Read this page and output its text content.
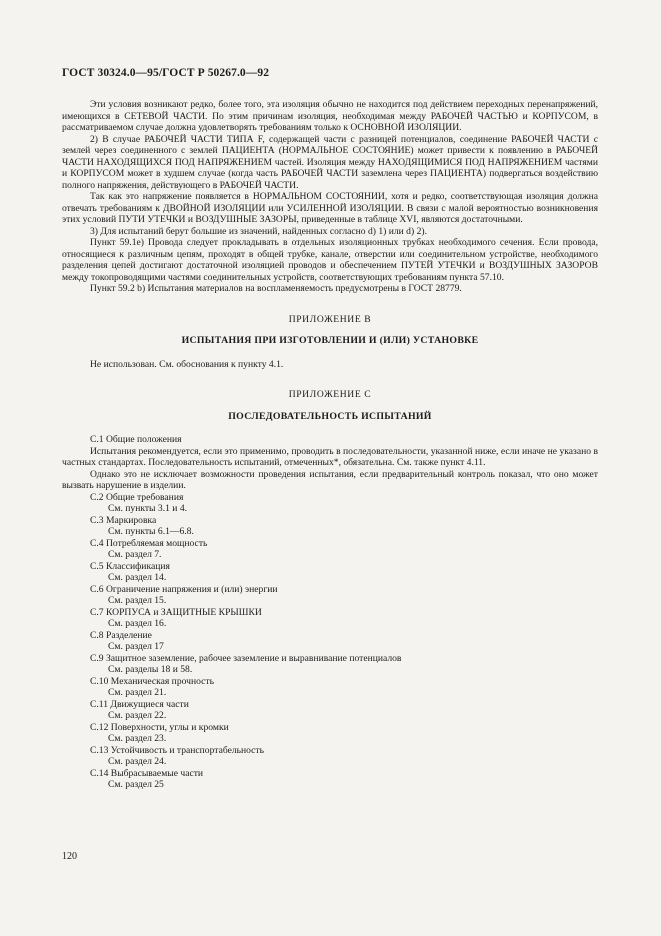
ГОСТ 30324.0—95/ГОСТ Р 50267.0—92

Эти условия возникают редко, более того, эта изоляция обычно не находится под действием переходных перенапряжений, имеющихся в СЕТЕВОЙ ЧАСТИ. По этим причинам изоляция, необходимая между РАБОЧЕЙ ЧАСТЬЮ и КОРПУСОМ, в рассматриваемом случае должна удовлетворять требованиям только к ОСНОВНОЙ ИЗОЛЯЦИИ.

2) В случае РАБОЧЕЙ ЧАСТИ ТИПА F, содержащей части с разницей потенциалов, соединение РАБОЧЕЙ ЧАСТИ с землей через соединенного с землей ПАЦИЕНТА (НОРМАЛЬНОЕ СОСТОЯНИЕ) может привести к появлению в РАБОЧЕЙ ЧАСТИ НАХОДЯЩИХСЯ ПОД НАПРЯЖЕНИЕМ частей. Изоляция между НАХОДЯЩИМИСЯ ПОД НАПРЯЖЕНИЕМ частями и КОРПУСОМ может в худшем случае (когда часть РАБОЧЕЙ ЧАСТИ заземлена через ПАЦИЕНТА) подвергаться воздействию полного напряжения, действующего в РАБОЧЕЙ ЧАСТИ.

Так как это напряжение появляется в НОРМАЛЬНОМ СОСТОЯНИИ, хотя и редко, соответствующая изоляция должна отвечать требованиям к ДВОЙНОЙ ИЗОЛЯЦИИ или УСИЛЕННОЙ ИЗОЛЯЦИИ. В связи с малой вероятностью возникновения этих условий ПУТИ УТЕЧКИ и ВОЗДУШНЫЕ ЗАЗОРЫ, приведенные в таблице XVI, являются достаточными.

3) Для испытаний берут большие из значений, найденных согласно d) 1) или d) 2).

Пункт 59.1е) Провода следует прокладывать в отдельных изоляционных трубках необходимого сечения. Если провода, относящиеся к различным цепям, проходят в общей трубке, канале, отверстии или соединительном устройстве, необходимого разделения цепей достигают достаточной изоляцией проводов и обеспечением ПУТЕЙ УТЕЧКИ и ВОЗДУШНЫХ ЗАЗОРОВ между токопроводящими частями соединительных устройств, соответствующих требованиям пункта 57.10.

Пункт 59.2 b) Испытания материалов на воспламеняемость предусмотрены в ГОСТ 28779.

ПРИЛОЖЕНИЕ В

ИСПЫТАНИЯ ПРИ ИЗГОТОВЛЕНИИ И (ИЛИ) УСТАНОВКЕ

Не использован. См. обоснования к пункту 4.1.

ПРИЛОЖЕНИЕ С

ПОСЛЕДОВАТЕЛЬНОСТЬ ИСПЫТАНИЙ

С.1 Общие положения

Испытания рекомендуется, если это применимо, проводить в последовательности, указанной ниже, если иначе не указано в частных стандартах. Последовательность испытаний, отмеченных*, обязательна. См. также пункт 4.11.

Однако это не исключает возможности проведения испытания, если предварительный контроль показал, что оно может вызвать нарушение в изделии.

С.2 Общие требования

См. пункты 3.1 и 4.

С.3 Маркировка

См. пункты 6.1—6.8.

С.4 Потребляемая мощность

См. раздел 7.

С.5 Классификация

См. раздел 14.

С.6 Ограничение напряжения и (или) энергии

См. раздел 15.

С.7 КОРПУСА и ЗАЩИТНЫЕ КРЫШКИ

См. раздел 16.

С.8 Разделение

См. раздел 17

С.9 Защитное заземление, рабочее заземление и выравнивание потенциалов

См. разделы 18 и 58.

С.10 Механическая прочность

См. раздел 21.

С.11 Движущиеся части

См. раздел 22.

С.12 Поверхности, углы и кромки

См. раздел 23.

С.13 Устойчивость и транспортабельность

См. раздел 24.

С.14 Выбрасываемые части

См. раздел 25

120
